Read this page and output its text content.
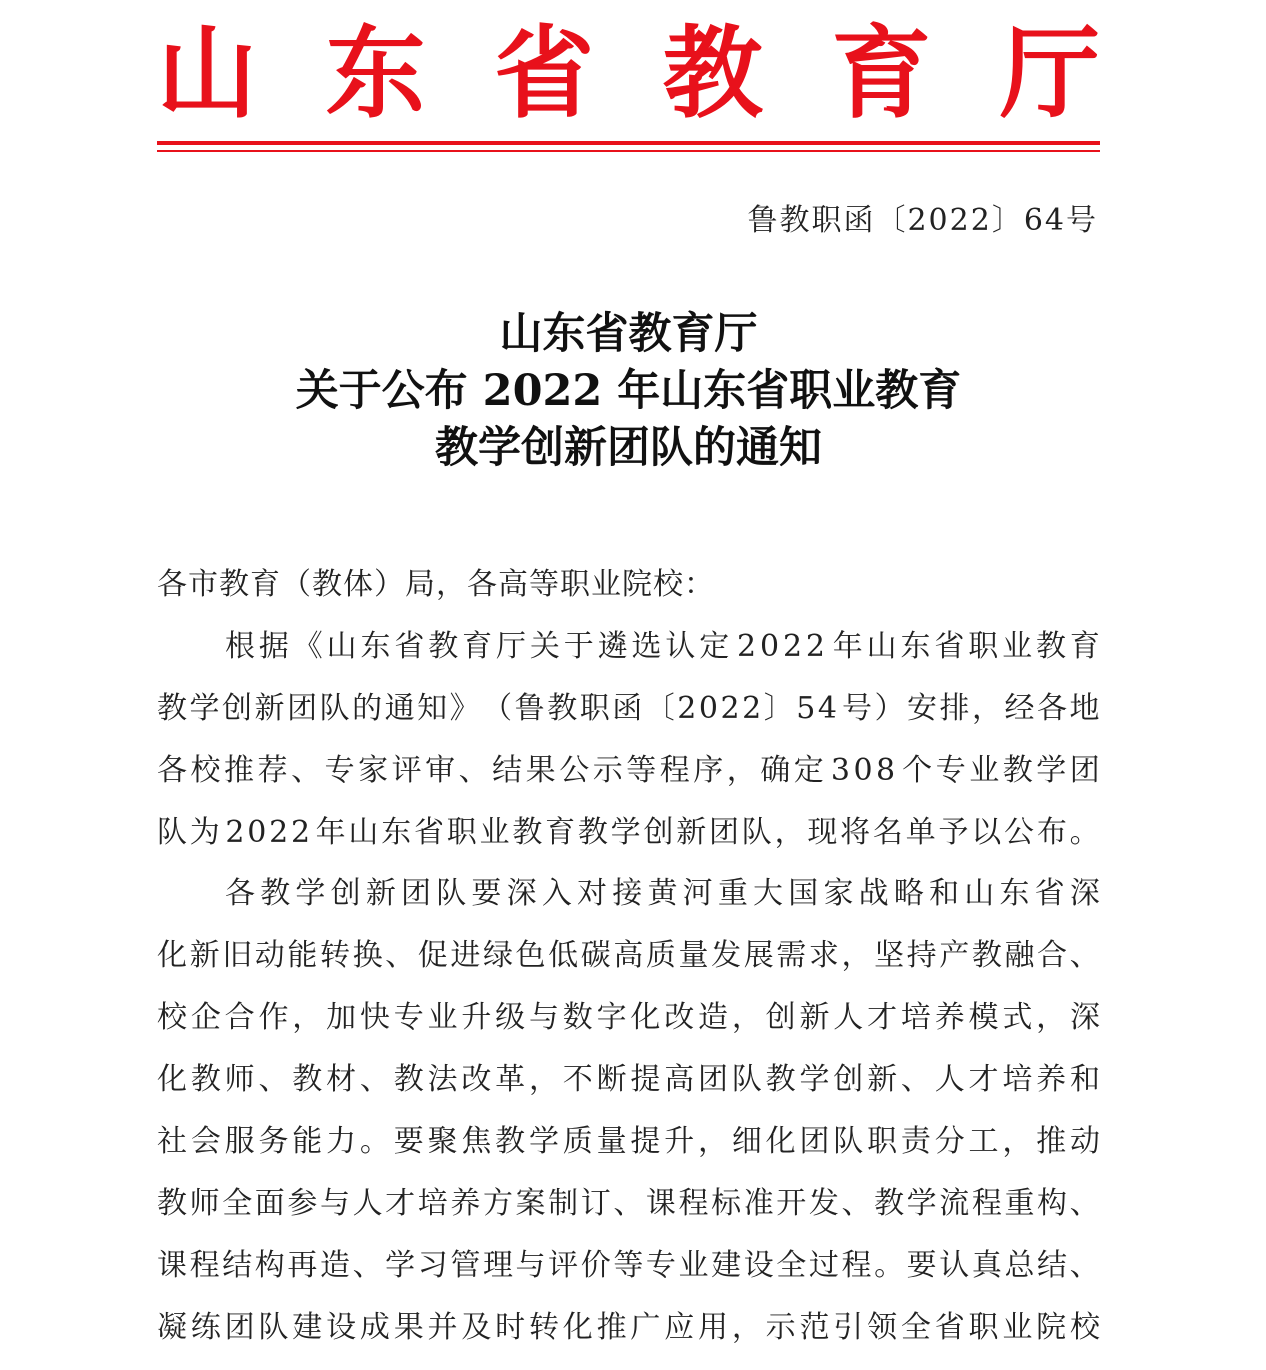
山 东 省 教 育 厅
鲁教职函〔2022〕64号
山东省教育厅
关于公布 2022 年山东省职业教育
教学创新团队的通知
各市教育（教体）局，各高等职业院校：
根 据 《 山 东 省 教 育 厅 关 于 遴 选 认 定 2 0 2 2 年 山 东 省 职 业 教 育
教 学 创 新 团 队 的 通 知 》 （ 鲁 教 职 函 〔 2 0 2 2 〕 5 4 号 ） 安 排 ， 经 各 地
各 校 推 荐 、 专 家 评 审 、 结 果 公 示 等 程 序 ， 确 定 3 0 8 个 专 业 教 学 团
队 为 2 0 2 2 年 山 东 省 职 业 教 育 教 学 创 新 团 队 ， 现 将 名 单 予 以 公 布 。
各 教 学 创 新 团 队 要 深 入 对 接 黄 河 重 大 国 家 战 略 和 山 东 省 深
化 新 旧 动 能 转 换 、 促 进 绿 色 低 碳 高 质 量 发 展 需 求 ， 坚 持 产 教 融 合 、
校 企 合 作 ， 加 快 专 业 升 级 与 数 字 化 改 造 ， 创 新 人 才 培 养 模 式 ， 深
化 教 师 、 教 材 、 教 法 改 革 ， 不 断 提 高 团 队 教 学 创 新 、 人 才 培 养 和
社 会 服 务 能 力 。 要 聚 焦 教 学 质 量 提 升 ， 细 化 团 队 职 责 分 工 ， 推 动
教 师 全 面 参 与 人 才 培 养 方 案 制 订 、 课 程 标 准 开 发 、 教 学 流 程 重 构 、
课 程 结 构 再 造 、 学 习 管 理 与 评 价 等 专 业 建 设 全 过 程 。 要 认 真 总 结 、
凝 练 团 队 建 设 成 果 并 及 时 转 化 推 广 应 用 ， 示 范 引 领 全 省 职 业 院 校
